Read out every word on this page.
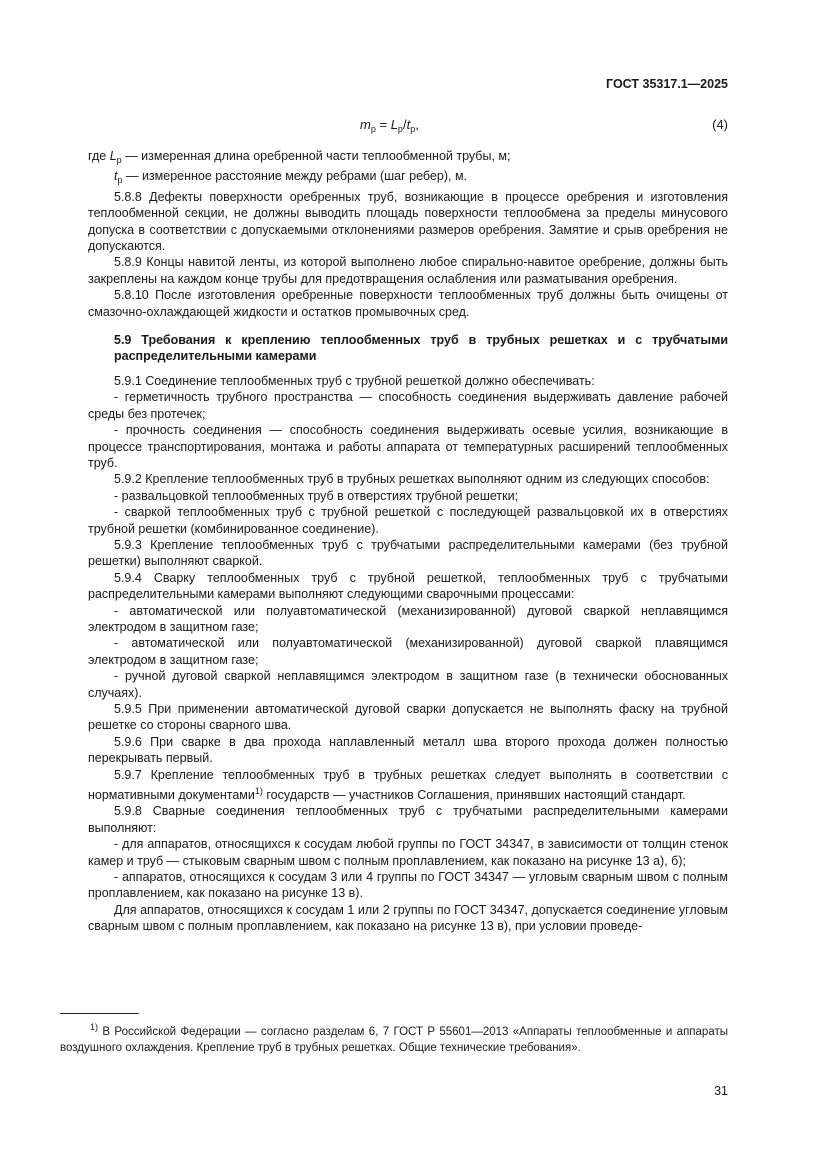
ГОСТ 35317.1—2025
$m_р = L_р/t_р$,	(4)

где $L_р$ — измеренная длина оребренной части теплообменной трубы, м;

$t_р$ — измеренное расстояние между ребрами (шаг ребер), м.

5.8.8 Дефекты поверхности оребренных труб, возникающие в процессе оребрения и изготовления теплообменной секции, не должны выводить площадь поверхности теплообмена за пределы минусового допуска в соответствии с допускаемыми отклонениями размеров оребрения. Замятие и срыв оребрения не допускаются.

5.8.9 Концы навитой ленты, из которой выполнено любое спирально-навитое оребрение, должны быть закреплены на каждом конце трубы для предотвращения ослабления или разматывания оребрения.

5.8.10 После изготовления оребренные поверхности теплообменных труб должны быть очищены от смазочно-охлаждающей жидкости и остатков промывочных сред.

5.9 Требования к креплению теплообменных труб в трубных решетках и с трубчатыми распределительными камерами

5.9.1 Соединение теплообменных труб с трубной решеткой должно обеспечивать:

- герметичность трубного пространства — способность соединения выдерживать давление рабочей среды без протечек;

- прочность соединения — способность соединения выдерживать осевые усилия, возникающие в процессе транспортирования, монтажа и работы аппарата от температурных расширений теплообменных труб.

5.9.2 Крепление теплообменных труб в трубных решетках выполняют одним из следующих способов:

- развальцовкой теплообменных труб в отверстиях трубной решетки;

- сваркой теплообменных труб с трубной решеткой с последующей развальцовкой их в отверстиях трубной решетки (комбинированное соединение).

5.9.3 Крепление теплообменных труб с трубчатыми распределительными камерами (без трубной решетки) выполняют сваркой.

5.9.4 Сварку теплообменных труб с трубной решеткой, теплообменных труб с трубчатыми распределительными камерами выполняют следующими сварочными процессами:

- автоматической или полуавтоматической (механизированной) дуговой сваркой неплавящимся электродом в защитном газе;

- автоматической или полуавтоматической (механизированной) дуговой сваркой плавящимся электродом в защитном газе;

- ручной дуговой сваркой неплавящимся электродом в защитном газе (в технически обоснованных случаях).

5.9.5 При применении автоматической дуговой сварки допускается не выполнять фаску на трубной решетке со стороны сварного шва.

5.9.6 При сварке в два прохода наплавленный металл шва второго прохода должен полностью перекрывать первый.

5.9.7 Крепление теплообменных труб в трубных решетках следует выполнять в соответствии с нормативными документами$^{1)}$ государств — участников Соглашения, принявших настоящий стандарт.

5.9.8 Сварные соединения теплообменных труб с трубчатыми распределительными камерами выполняют:

- для аппаратов, относящихся к сосудам любой группы по ГОСТ 34347, в зависимости от толщин стенок камер и труб — стыковым сварным швом с полным проплавлением, как показано на рисунке 13 а), б);

- аппаратов, относящихся к сосудам 3 или 4 группы по ГОСТ 34347 — угловым сварным швом с полным проплавлением, как показано на рисунке 13 в).

Для аппаратов, относящихся к сосудам 1 или 2 группы по ГОСТ 34347, допускается соединение угловым сварным швом с полным проплавлением, как показано на рисунке 13 в), при условии проведе-

$^{1)}$ В Российской Федерации — согласно разделам 6, 7 ГОСТ Р 55601—2013 «Аппараты теплообменные и аппараты воздушного охлаждения. Крепление труб в трубных решетках. Общие технические требования».
31
